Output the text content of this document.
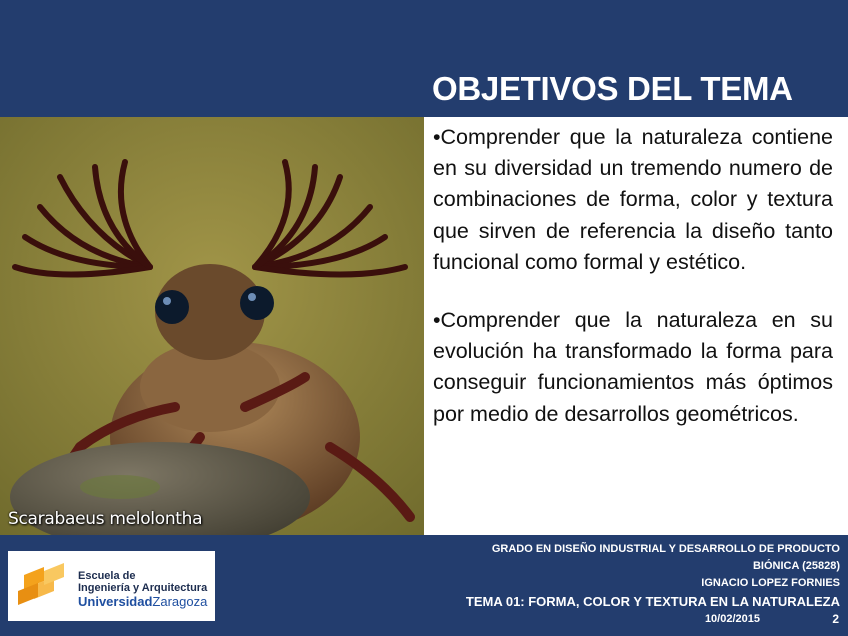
OBJETIVOS DEL TEMA
Scarabaeus melolontha

•Comprender que la naturaleza contiene en su diversidad un tremendo numero de combinaciones de forma, color y textura que sirven de referencia la diseño tanto funcional como formal y estético.

•Comprender que la naturaleza en su evolución ha transformado la forma para conseguir funcionamientos más óptimos por medio de desarrollos geométricos.

Escuela de
Ingeniería y Arquitectura
UniversidadZaragoza
GRADO EN DISEÑO INDUSTRIAL Y DESARROLLO DE PRODUCTO
BIÓNICA (25828)
IGNACIO LOPEZ FORNIES
TEMA 01: FORMA, COLOR Y TEXTURA EN LA NATURALEZA
10/02/2015	2
